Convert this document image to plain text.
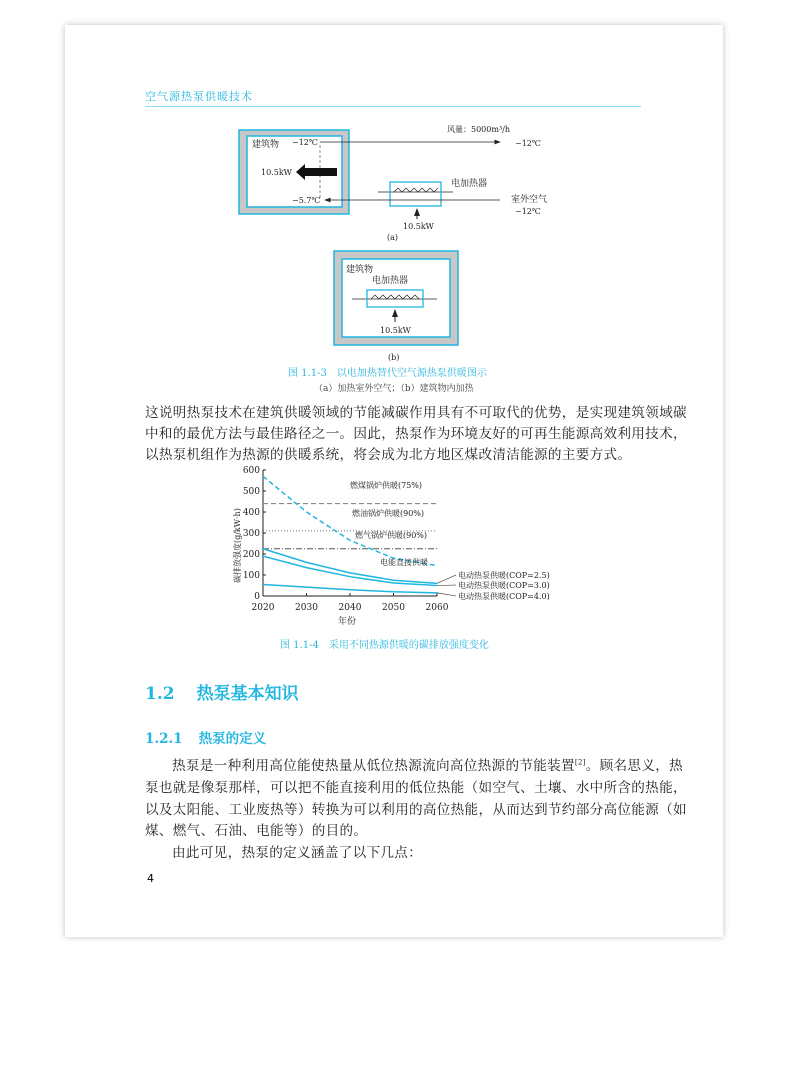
空气源热泵供暖技术
建筑物 −12℃
风量：5000m³/h
−12℃
10.5kW
电加热器
−5.7℃	室外空气
−12℃
10.5kW
(a)
建筑物
电加热器
10.5kW
(b)
图 1.1-3　以电加热替代空气源热泵供暖图示
（a）加热室外空气；（b）建筑物内加热
这说明热泵技术在建筑供暖领域的节能减碳作用具有不可取代的优势，是实现建筑领域碳
中和的最优方法与最佳路径之一。因此，热泵作为环境友好的可再生能源高效利用技术，
以热泵机组作为热源的供暖系统，将会成为北方地区煤改清洁能源的主要方式。
2020 2030 2040 2050 2060
0
100
200
300
400
500
600
年份
碳排放强度(g/kW·h)
燃煤锅炉供暖(75%)
燃油锅炉供暖(90%)
燃气锅炉供暖(90%)
电能直接供暖
电动热泵供暖(COP=2.5)
电动热泵供暖(COP=3.0)
电动热泵供暖(COP=4.0)
图 1.1-4　采用不同热源供暖的碳排放强度变化
1.2 热泵基本知识
1.2.1 热泵的定义
热泵是一种利用高位能使热量从低位热源流向高位热源的节能装置[2]。顾名思义，热
泵也就是像泵那样，可以把不能直接利用的低位热能（如空气、土壤、水中所含的热能，
以及太阳能、工业废热等）转换为可以利用的高位热能，从而达到节约部分高位能源（如
煤、燃气、石油、电能等）的目的。
由此可见，热泵的定义涵盖了以下几点：
4
